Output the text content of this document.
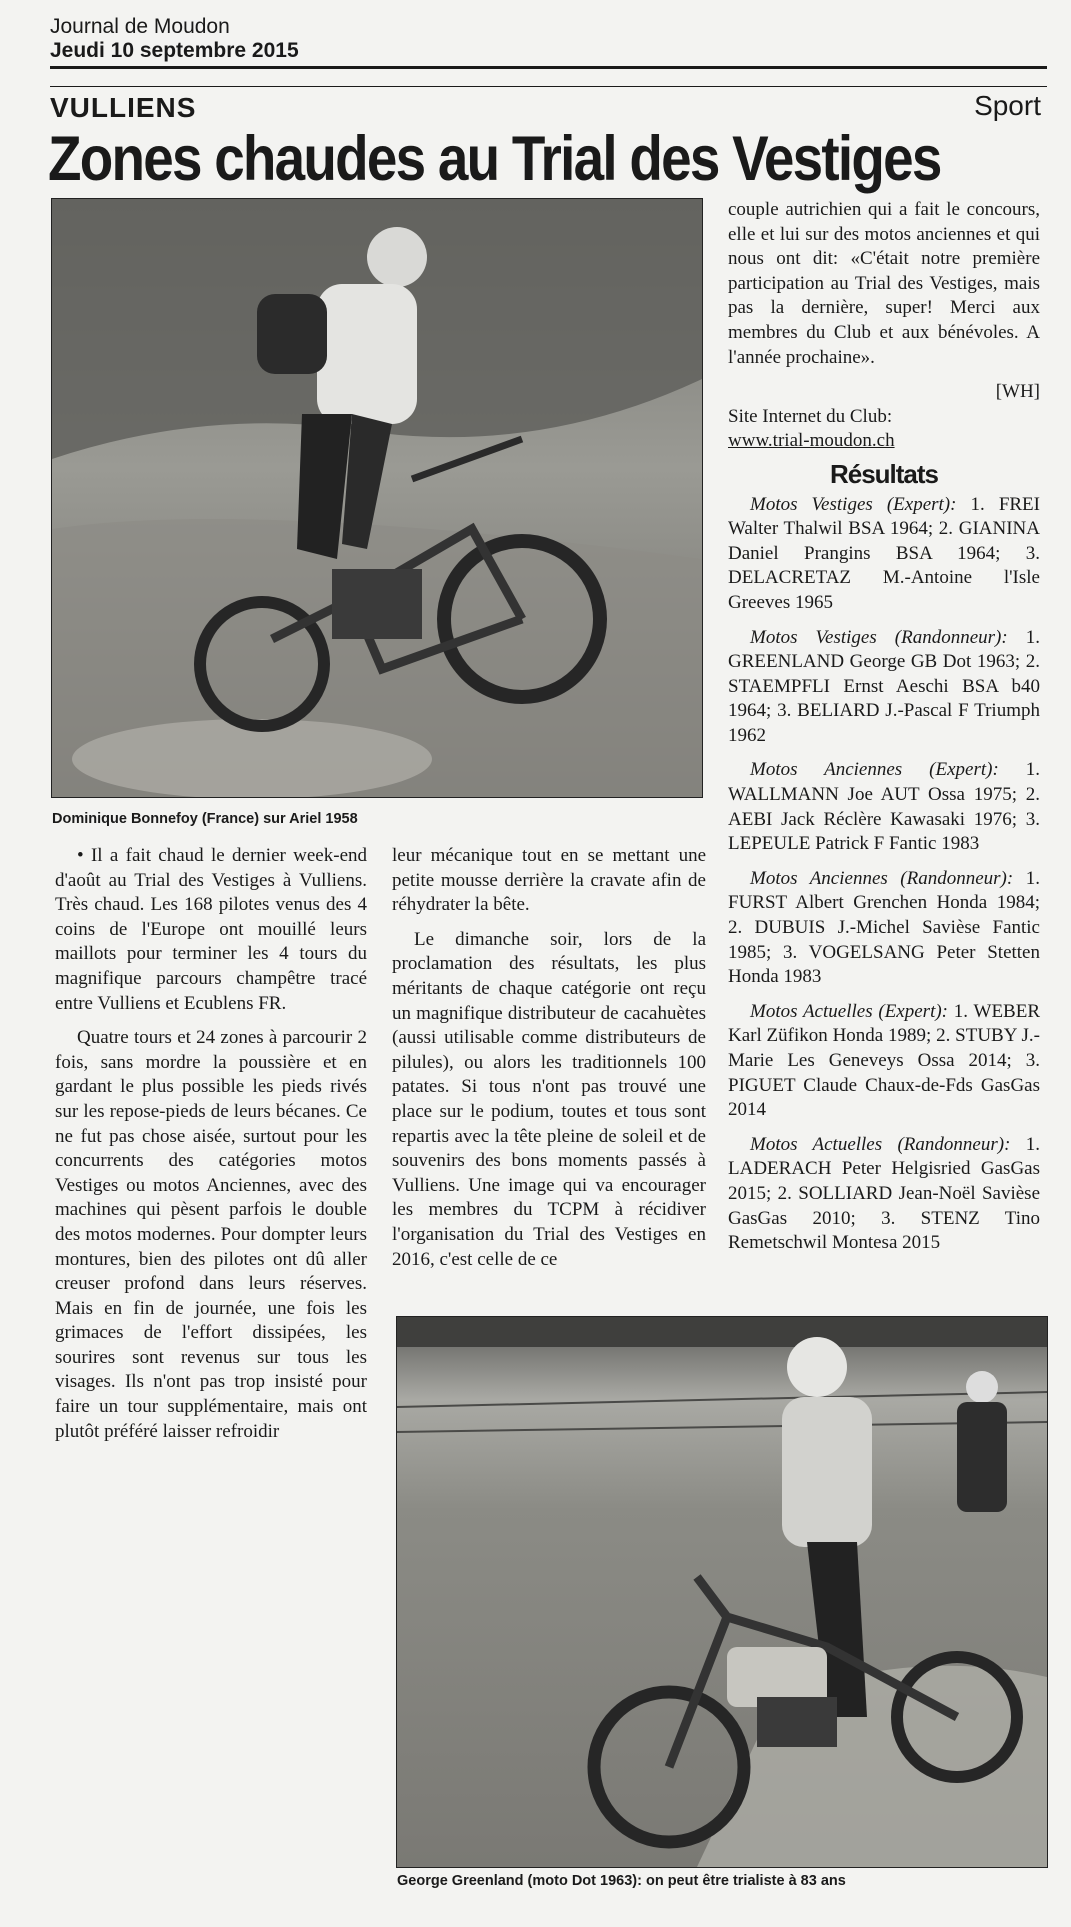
Journal de Moudon
Jeudi 10 septembre 2015
VULLIENS	Sport
Zones chaudes au Trial des Vestiges
Dominique Bonnefoy (France) sur Ariel 1958

• Il a fait chaud le dernier week-end d'août au Trial des Vestiges à Vulliens. Très chaud. Les 168 pilotes venus des 4 coins de l'Europe ont mouillé leurs maillots pour terminer les 4 tours du magnifique parcours champêtre tracé entre Vulliens et Ecublens FR.

Quatre tours et 24 zones à parcourir 2 fois, sans mordre la poussière et en gardant le plus possible les pieds rivés sur les repose-pieds de leurs bécanes. Ce ne fut pas chose aisée, surtout pour les concurrents des catégories motos Vestiges ou motos Anciennes, avec des machines qui pèsent parfois le double des motos modernes. Pour dompter leurs montures, bien des pilotes ont dû aller creuser profond dans leurs réserves. Mais en fin de journée, une fois les grimaces de l'effort dissipées, les sourires sont revenus sur tous les visages. Ils n'ont pas trop insisté pour faire un tour supplémentaire, mais ont plutôt préféré laisser refroidir

leur mécanique tout en se mettant une petite mousse derrière la cravate afin de réhydrater la bête.

Le dimanche soir, lors de la proclamation des résultats, les plus méritants de chaque catégorie ont reçu un magnifique distributeur de cacahuètes (aussi utilisable comme distributeurs de pilules), ou alors les traditionnels 100 patates. Si tous n'ont pas trouvé une place sur le podium, toutes et tous sont repartis avec la tête pleine de soleil et de souvenirs des bons moments passés à Vulliens. Une image qui va encourager les membres du TCPM à récidiver l'organisation du Trial des Vestiges en 2016, c'est celle de ce

couple autrichien qui a fait le concours, elle et lui sur des motos anciennes et qui nous ont dit: «C'était notre première participation au Trial des Vestiges, mais pas la dernière, super! Merci aux membres du Club et aux bénévoles. A l'année prochaine».

[WH]
Site Internet du Club:
www.trial-moudon.ch
Résultats

Motos Vestiges (Expert): 1. FREI Walter Thalwil BSA 1964; 2. GIANINA Daniel Prangins BSA 1964; 3. DELACRETAZ M.-Antoine l'Isle Greeves 1965

Motos Vestiges (Randonneur): 1. GREENLAND George GB Dot 1963; 2. STAEMPFLI Ernst Aeschi BSA b40 1964; 3. BELIARD J.-Pascal F Triumph 1962

Motos Anciennes (Expert): 1. WALLMANN Joe AUT Ossa 1975; 2. AEBI Jack Réclère Kawasaki 1976; 3. LEPEULE Patrick F Fantic 1983

Motos Anciennes (Randonneur): 1. FURST Albert Grenchen Honda 1984; 2. DUBUIS J.-Michel Savièse Fantic 1985; 3. VOGELSANG Peter Stetten Honda 1983

Motos Actuelles (Expert): 1. WEBER Karl Züfikon Honda 1989; 2. STUBY J.-Marie Les Geneveys Ossa 2014; 3. PIGUET Claude Chaux-de-Fds GasGas 2014

Motos Actuelles (Randonneur): 1. LADERACH Peter Helgisried GasGas 2015; 2. SOLLIARD Jean-Noël Savièse GasGas 2010; 3. STENZ Tino Remetschwil Montesa 2015

George Greenland (moto Dot 1963): on peut être trialiste à 83 ans
